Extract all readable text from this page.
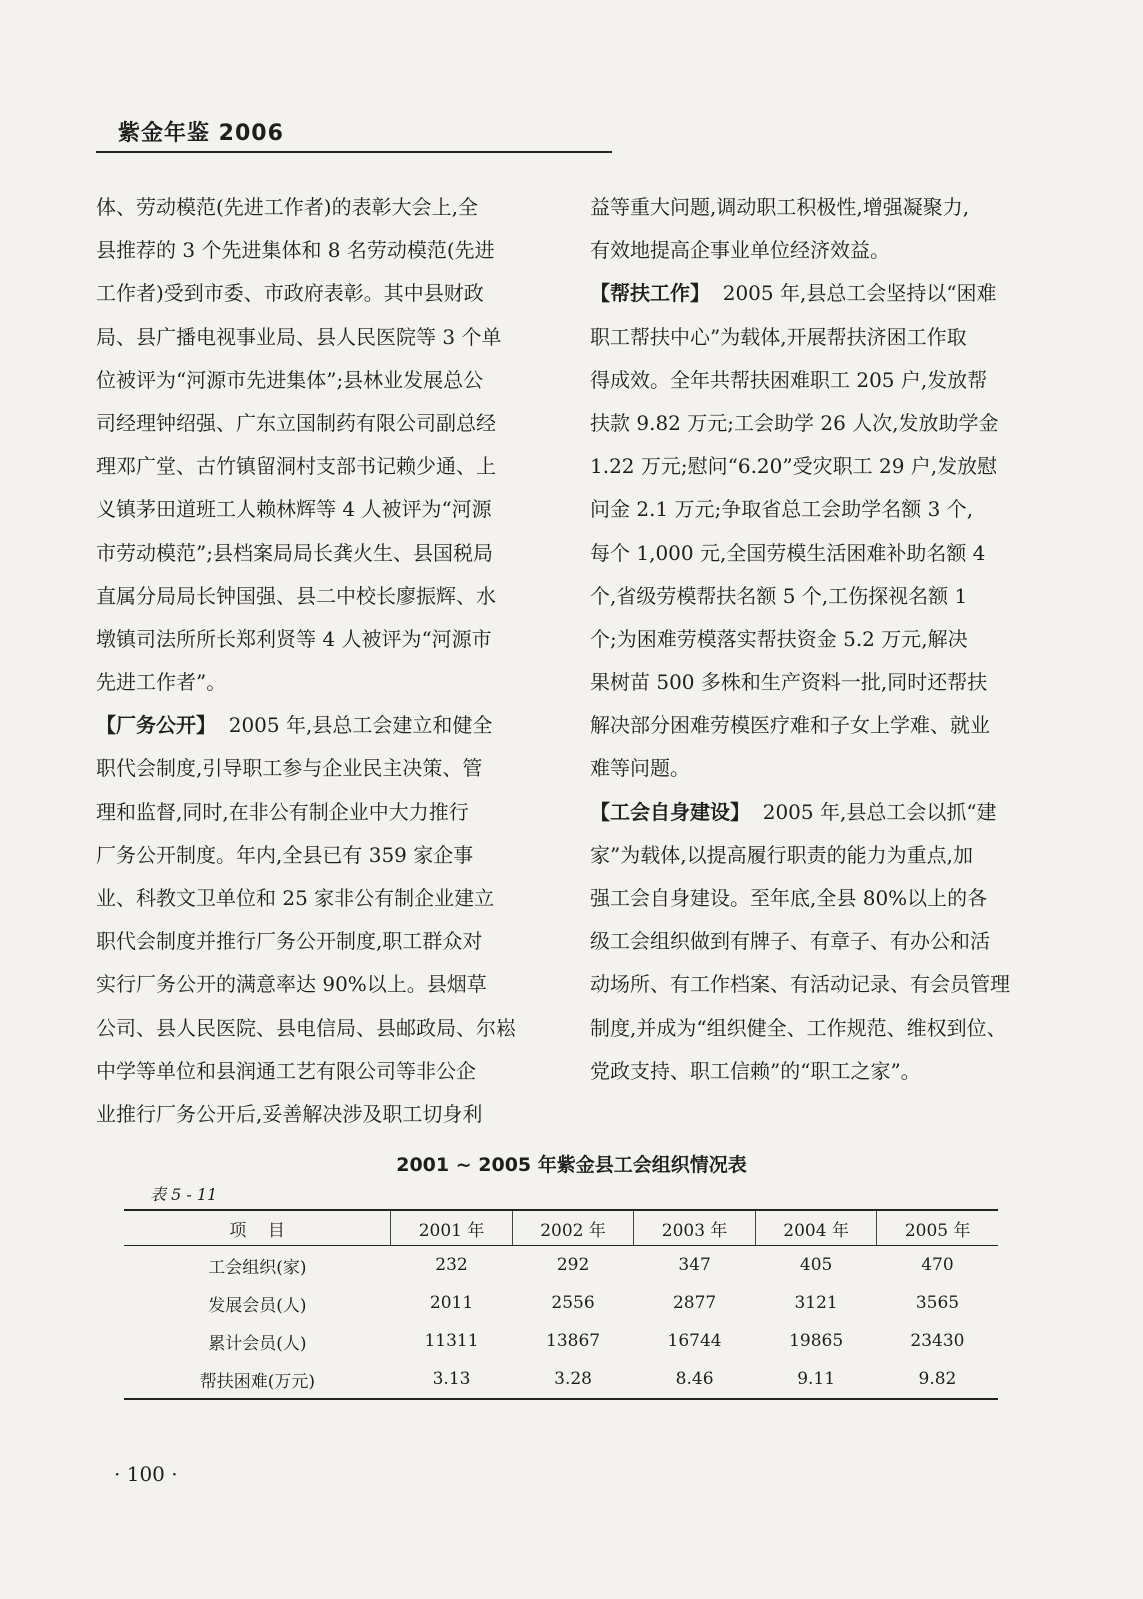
紫金年鉴 2006
体、劳动模范(先进工作者)的表彰大会上,全
县推荐的 3 个先进集体和 8 名劳动模范(先进
工作者)受到市委、市政府表彰。其中县财政
局、县广播电视事业局、县人民医院等 3 个单
位被评为“河源市先进集体”;县林业发展总公
司经理钟绍强、广东立国制药有限公司副总经
理邓广堂、古竹镇留洞村支部书记赖少通、上
义镇茅田道班工人赖林辉等 4 人被评为“河源
市劳动模范”;县档案局局长龚火生、县国税局
直属分局局长钟国强、县二中校长廖振辉、水
墩镇司法所所长郑利贤等 4 人被评为“河源市
先进工作者”。
【厂务公开】  2005 年,县总工会建立和健全
职代会制度,引导职工参与企业民主决策、管
理和监督,同时,在非公有制企业中大力推行
厂务公开制度。年内,全县已有 359 家企事
业、科教文卫单位和 25 家非公有制企业建立
职代会制度并推行厂务公开制度,职工群众对
实行厂务公开的满意率达 90%以上。县烟草
公司、县人民医院、县电信局、县邮政局、尔崧
中学等单位和县润通工艺有限公司等非公企
业推行厂务公开后,妥善解决涉及职工切身利
益等重大问题,调动职工积极性,增强凝聚力,
有效地提高企事业单位经济效益。
【帮扶工作】  2005 年,县总工会坚持以“困难
职工帮扶中心”为载体,开展帮扶济困工作取
得成效。全年共帮扶困难职工 205 户,发放帮
扶款 9.82 万元;工会助学 26 人次,发放助学金
1.22 万元;慰问“6.20”受灾职工 29 户,发放慰
问金 2.1 万元;争取省总工会助学名额 3 个,
每个 1,000 元,全国劳模生活困难补助名额 4
个,省级劳模帮扶名额 5 个,工伤探视名额 1
个;为困难劳模落实帮扶资金 5.2 万元,解决
果树苗 500 多株和生产资料一批,同时还帮扶
解决部分困难劳模医疗难和子女上学难、就业
难等问题。
【工会自身建设】  2005 年,县总工会以抓“建
家”为载体,以提高履行职责的能力为重点,加
强工会自身建设。至年底,全县 80%以上的各
级工会组织做到有牌子、有章子、有办公和活
动场所、有工作档案、有活动记录、有会员管理
制度,并成为“组织健全、工作规范、维权到位、
党政支持、职工信赖”的“职工之家”。
2001 ~ 2005 年紫金县工会组织情况表
表 5 - 11
项    目	2001 年	2002 年	2003 年	2004 年	2005 年
工会组织(家)	232	292	347	405	470
发展会员(人)	2011	2556	2877	3121	3565
累计会员(人)	11311	13867	16744	19865	23430
帮扶困难(万元)	3.13	3.28	8.46	9.11	9.82
· 100 ·
